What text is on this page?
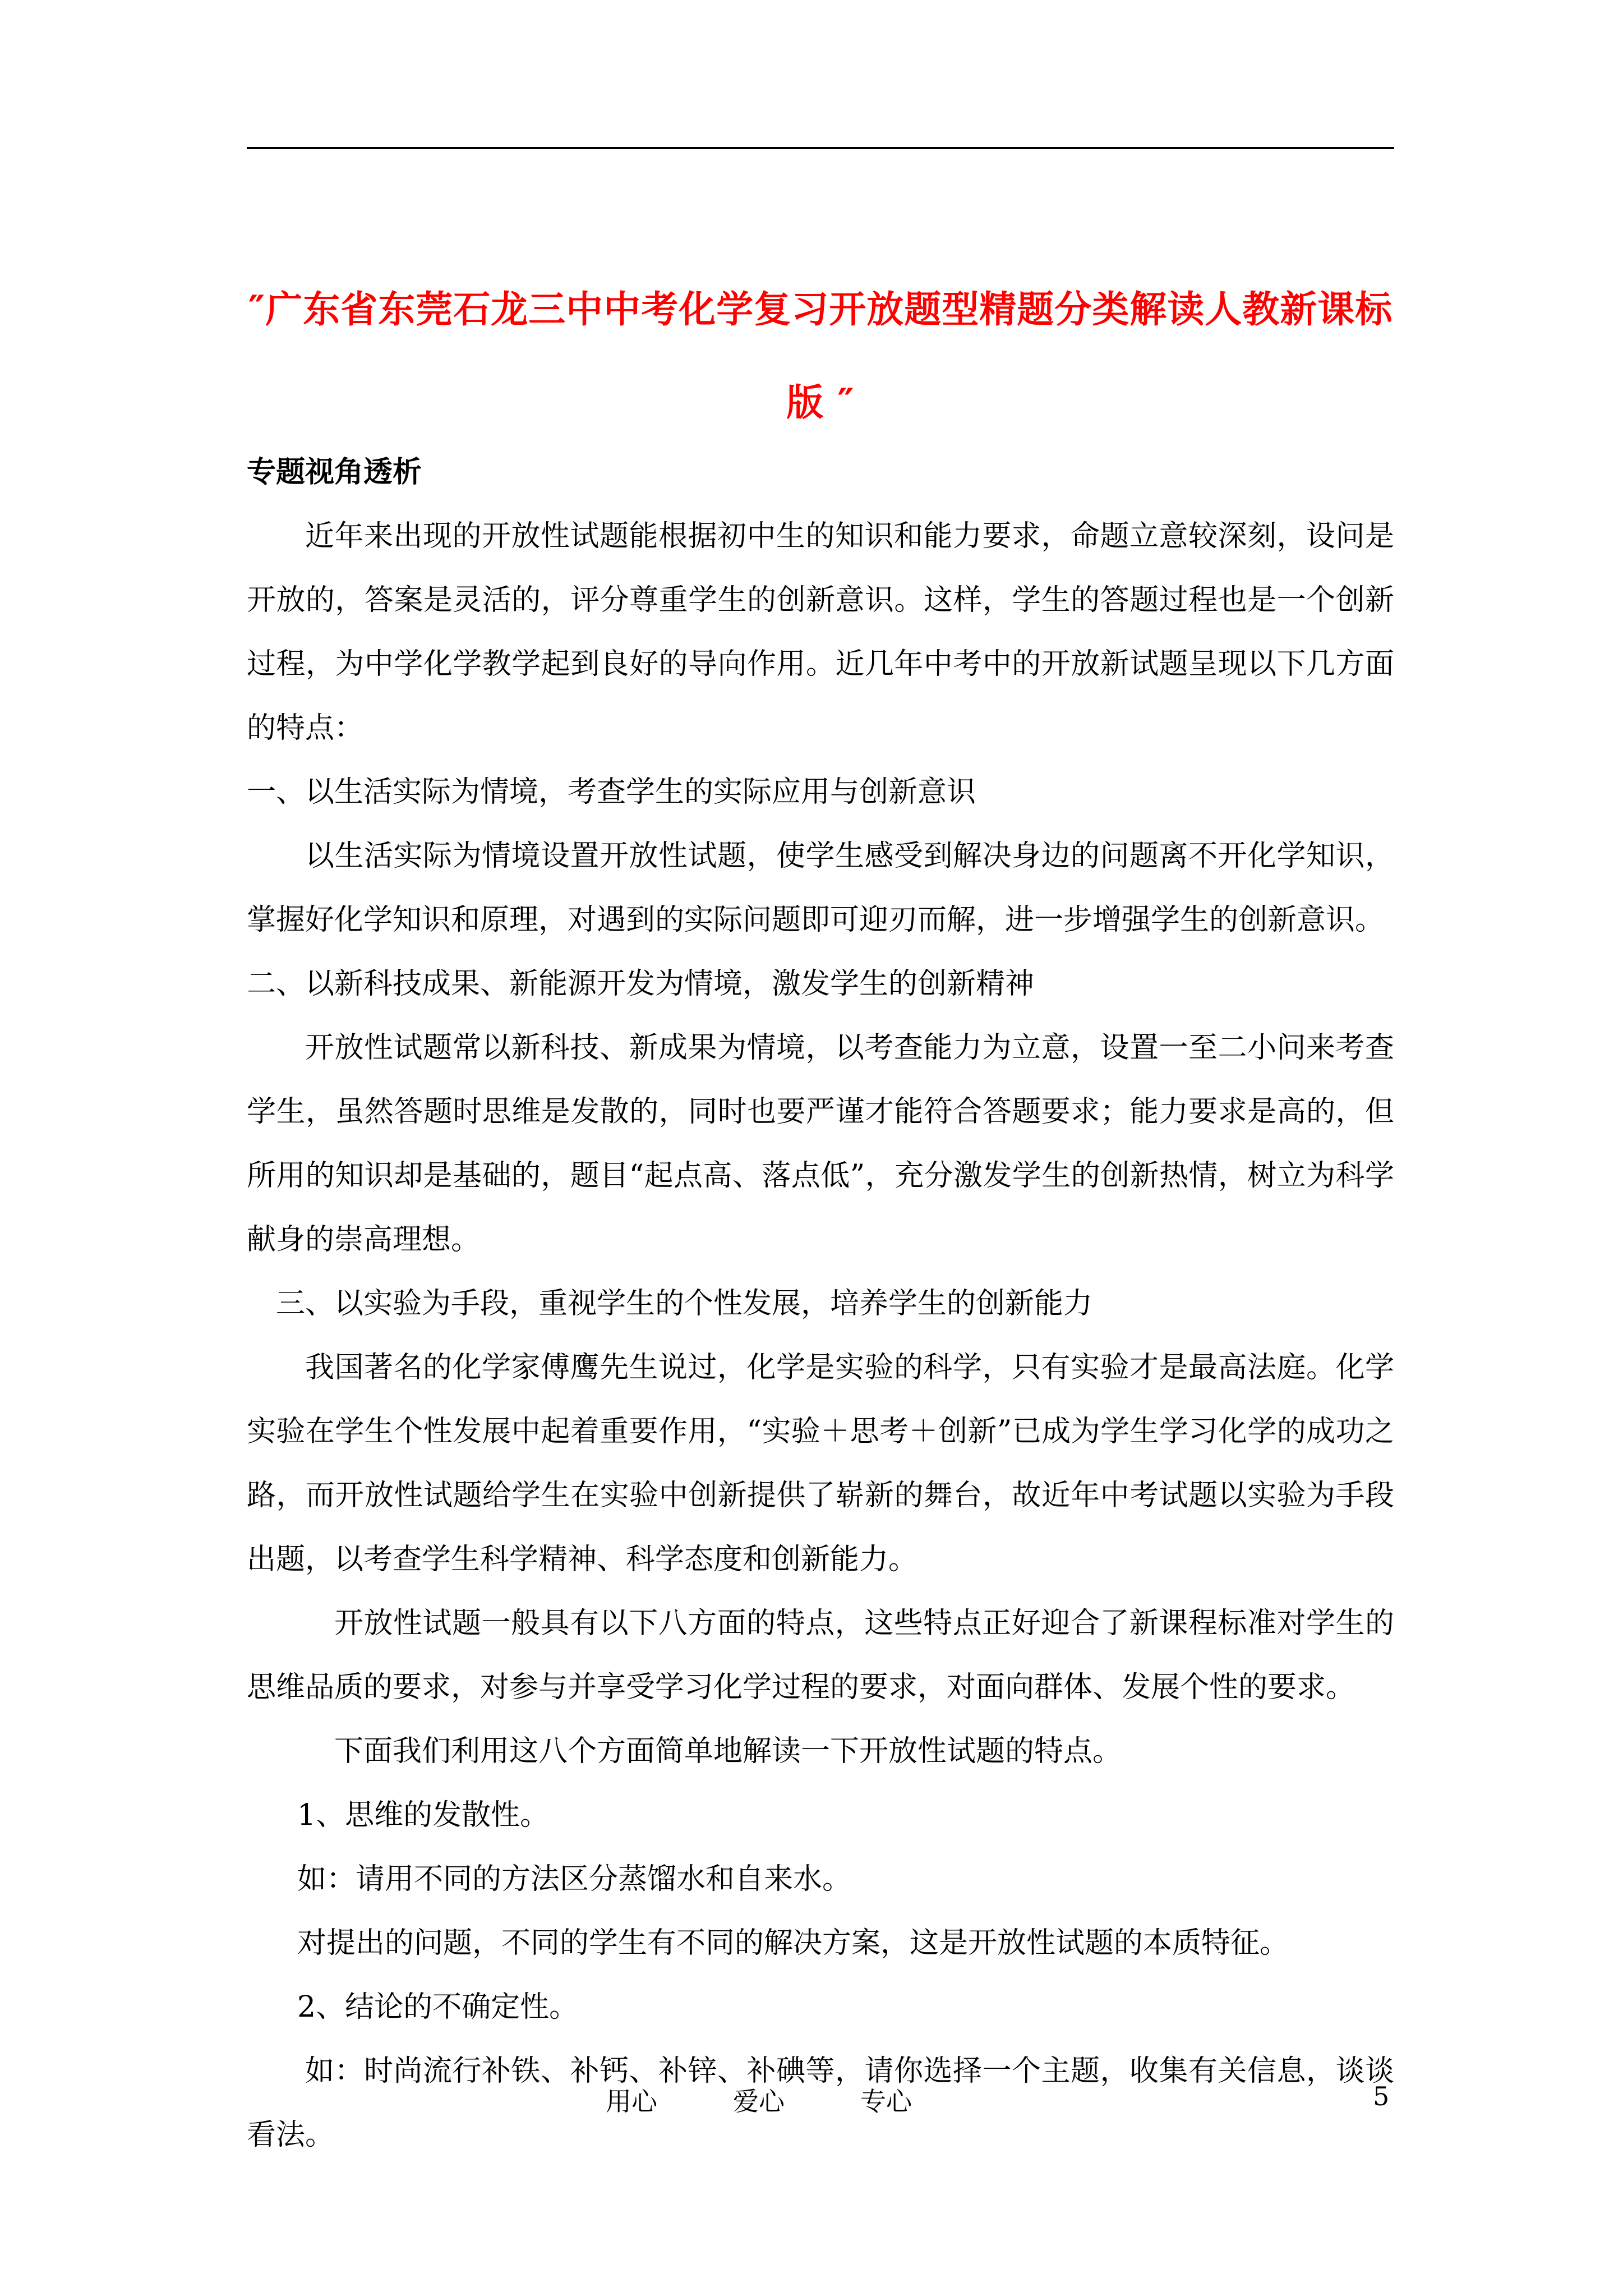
″广东省东莞石龙三中中考化学复习开放题型精题分类解读人教新课标版 ″

专题视角透析

近年来出现的开放性试题能根据初中生的知识和能力要求，命题立意较深刻，设问是开放的，答案是灵活的，评分尊重学生的创新意识。这样，学生的答题过程也是一个创新过程，为中学化学教学起到良好的导向作用。近几年中考中的开放新试题呈现以下几方面的特点：

一、以生活实际为情境，考查学生的实际应用与创新意识

以生活实际为情境设置开放性试题，使学生感受到解决身边的问题离不开化学知识，掌握好化学知识和原理，对遇到的实际问题即可迎刃而解，进一步增强学生的创新意识。

二、以新科技成果、新能源开发为情境，激发学生的创新精神

开放性试题常以新科技、新成果为情境，以考查能力为立意，设置一至二小问来考查学生，虽然答题时思维是发散的，同时也要严谨才能符合答题要求；能力要求是高的，但所用的知识却是基础的，题目“起点高、落点低”，充分激发学生的创新热情，树立为科学献身的崇高理想。

三、以实验为手段，重视学生的个性发展，培养学生的创新能力

我国著名的化学家傅鹰先生说过，化学是实验的科学，只有实验才是最高法庭。化学实验在学生个性发展中起着重要作用，“实验＋思考＋创新”已成为学生学习化学的成功之路，而开放性试题给学生在实验中创新提供了崭新的舞台，故近年中考试题以实验为手段出题，以考查学生科学精神、科学态度和创新能力。

开放性试题一般具有以下八方面的特点，这些特点正好迎合了新课程标准对学生的思维品质的要求，对参与并享受学习化学过程的要求，对面向群体、发展个性的要求。

下面我们利用这八个方面简单地解读一下开放性试题的特点。

1、思维的发散性。

如：请用不同的方法区分蒸馏水和自来水。

对提出的问题，不同的学生有不同的解决方案，这是开放性试题的本质特征。

2、结论的不确定性。

如：时尚流行补铁、补钙、补锌、补碘等，请你选择一个主题，收集有关信息，谈谈看法。

用心	爱心	专心	5
